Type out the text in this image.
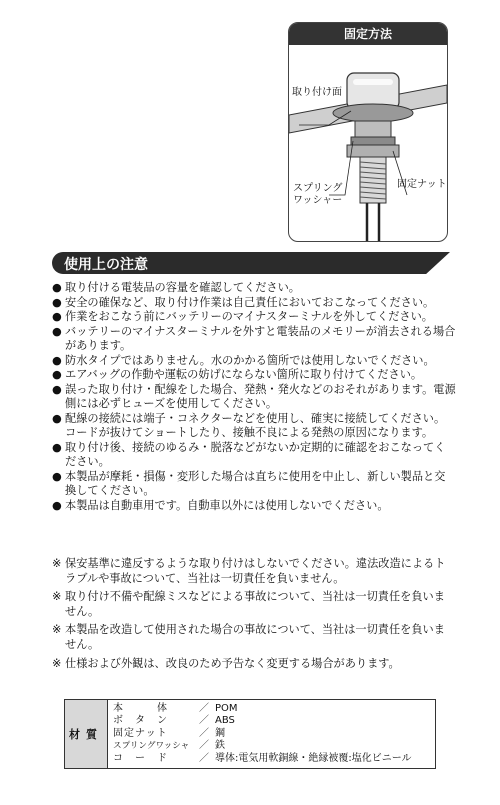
固定方法
取り付け面
スプリング
ワッシャー
固定ナット
使用上の注意
● 取り付ける電装品の容量を確認してください。
● 安全の確保など、取り付け作業は自己責任においておこなってください。
● 作業をおこなう前にバッテリーのマイナスターミナルを外してください。
● バッテリーのマイナスターミナルを外すと電装品のメモリーが消去される場合があります。
● 防水タイプではありません。水のかかる箇所では使用しないでください。
● エアバッグの作動や運転の妨げにならない箇所に取り付けてください。
● 誤った取り付け・配線をした場合、発熱・発火などのおそれがあります。電源側には必ずヒューズを使用してください。
● 配線の接続には端子・コネクターなどを使用し、確実に接続してください。コードが抜けてショートしたり、接触不良による発熱の原因になります。
● 取り付け後、接続のゆるみ・脱落などがないか定期的に確認をおこなってください。
● 本製品が摩耗・損傷・変形した場合は直ちに使用を中止し、新しい製品と交換してください。
● 本製品は自動車用です。自動車以外には使用しないでください。
※ 保安基準に違反するような取り付けはしないでください。違法改造によるトラブルや事故について、当社は一切責任を負いません。
※ 取り付け不備や配線ミスなどによる事故について、当社は一切責任を負いません。
※ 本製品を改造して使用された場合の事故について、当社は一切責任を負いません。
※ 仕様および外観は、改良のため予告なく変更する場合があります。
材質
本　　　体	／ POM
ボ　タ　ン	／ ABS
固定ナット	／ 鋼
スプリングワッシャ ／ 鉄
コ　ー　ド	／ 導体:電気用軟銅線・絶縁被覆:塩化ビニール
